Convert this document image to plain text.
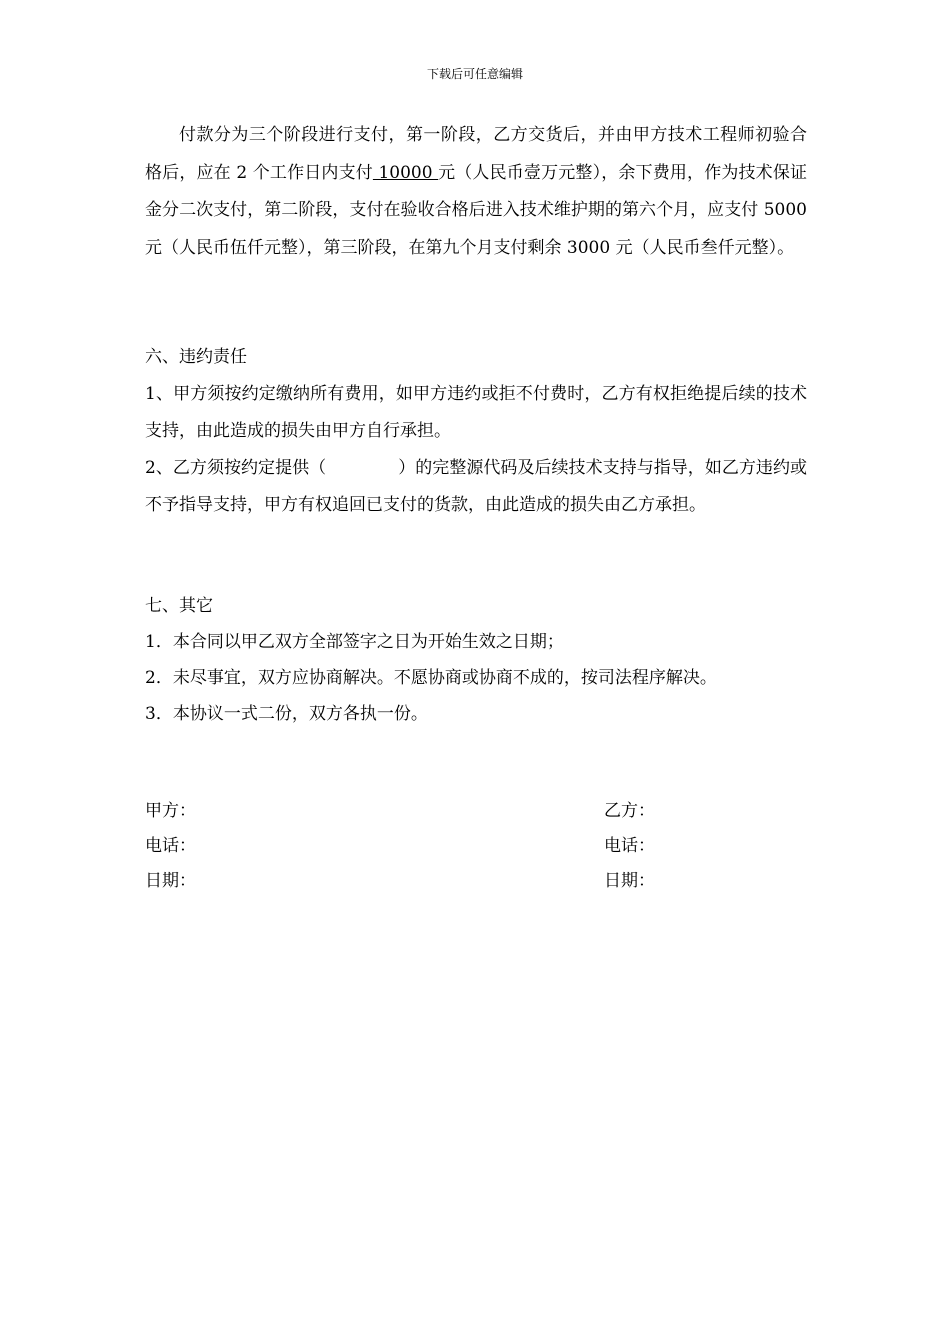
下载后可任意编辑

付款分为三个阶段进行支付，第一阶段，乙方交货后，并由甲方技术工程师初验合格后，应在 2 个工作日内支付 10000 元（人民币壹万元整），余下费用，作为技术保证金分二次支付，第二阶段，支付在验收合格后进入技术维护期的第六个月，应支付 5000 元（人民币伍仟元整），第三阶段，在第九个月支付剩余 3000 元（人民币叁仟元整）。

六、违约责任

1、甲方须按约定缴纳所有费用，如甲方违约或拒不付费时，乙方有权拒绝提后续的技术支持，由此造成的损失由甲方自行承担。

2、乙方须按约定提供（	）的完整源代码及后续技术支持与指导，如乙方违约或不予指导支持，甲方有权追回已支付的货款，由此造成的损失由乙方承担。

七、其它

1．本合同以甲乙双方全部签字之日为开始生效之日期；

2．未尽事宜，双方应协商解决。不愿协商或协商不成的，按司法程序解决。

3．本协议一式二份，双方各执一份。

甲方：
电话：
日期：
乙方：
电话：
日期：
